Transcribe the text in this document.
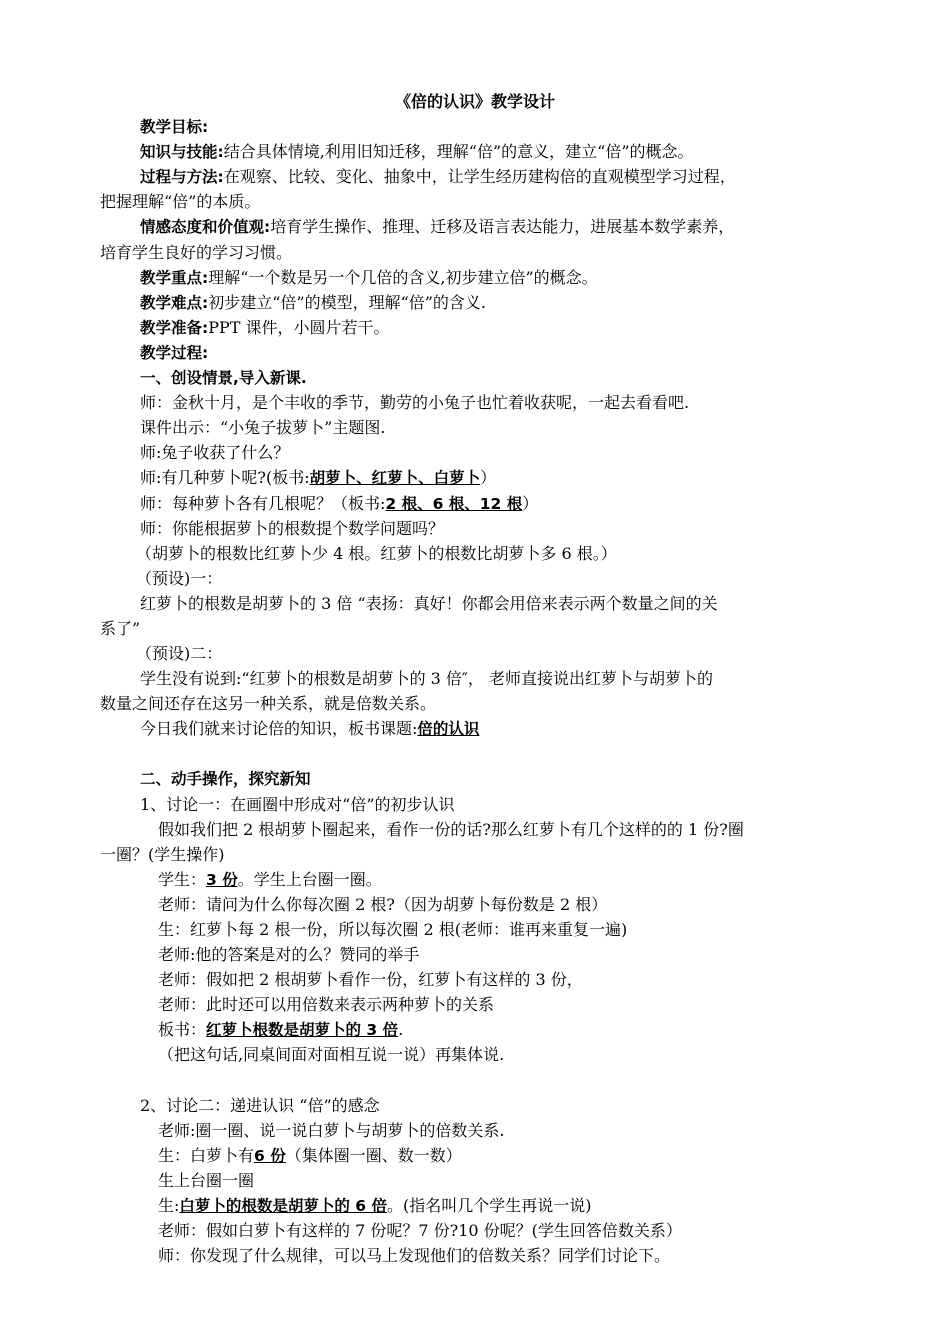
《倍的认识》教学设计
教学目标:
知识与技能:结合具体情境,利用旧知迁移，理解“倍”的意义，建立“倍”的概念。
过程与方法:在观察、比较、变化、抽象中，让学生经历建构倍的直观模型学习过程，
把握理解“倍”的本质。
情感态度和价值观:培育学生操作、推理、迁移及语言表达能力，进展基本数学素养，
培育学生良好的学习习惯。
教学重点:理解“一个数是另一个几倍的含义,初步建立倍”的概念。
教学难点:初步建立“倍”的模型，理解“倍”的含义.
教学准备:PPT 课件，小圆片若干。
教学过程:
一、创设情景,导入新课.
师：金秋十月，是个丰收的季节，勤劳的小兔子也忙着收获呢，一起去看看吧.
课件出示：“小兔子拔萝卜”主题图.
师:兔子收获了什么？
师:有几种萝卜呢?(板书:胡萝卜、红萝卜、白萝卜）
师：每种萝卜各有几根呢？（板书:2 根、6 根、12 根）
师：你能根据萝卜的根数提个数学问题吗？
（胡萝卜的根数比红萝卜少 4 根。红萝卜的根数比胡萝卜多 6 根。）
（预设)一：
红萝卜的根数是胡萝卜的 3 倍 “表扬：真好！你都会用倍来表示两个数量之间的关
系了”
（预设)二：
学生没有说到:“红萝卜的根数是胡萝卜的 3 倍″， 老师直接说出红萝卜与胡萝卜的
数量之间还存在这另一种关系，就是倍数关系。
今日我们就来讨论倍的知识，板书课题:倍的认识
二、动手操作，探究新知
1、讨论一：在画圈中形成对“倍”的初步认识
假如我们把 2 根胡萝卜圈起来，看作一份的话?那么红萝卜有几个这样的的 1 份?圈
一圈？(学生操作)
学生：3 份。学生上台圈一圈。
老师：请问为什么你每次圈 2 根?（因为胡萝卜每份数是 2 根）
生：红萝卜每 2 根一份，所以每次圈 2 根(老师：谁再来重复一遍)
老师:他的答案是对的么？赞同的举手
老师：假如把 2 根胡萝卜看作一份，红萝卜有这样的 3 份，
老师：此时还可以用倍数来表示两种萝卜的关系
板书：红萝卜根数是胡萝卜的 3 倍.
（把这句话,同桌间面对面相互说一说）再集体说.
2、讨论二：递进认识 “倍”的感念
老师:圈一圈、说一说白萝卜与胡萝卜的倍数关系.
生：白萝卜有6 份（集体圈一圈、数一数）
生上台圈一圈
生:白萝卜的根数是胡萝卜的 6 倍。(指名叫几个学生再说一说)
老师：假如白萝卜有这样的 7 份呢？7 份?10 份呢？(学生回答倍数关系）
师：你发现了什么规律，可以马上发现他们的倍数关系？同学们讨论下。
